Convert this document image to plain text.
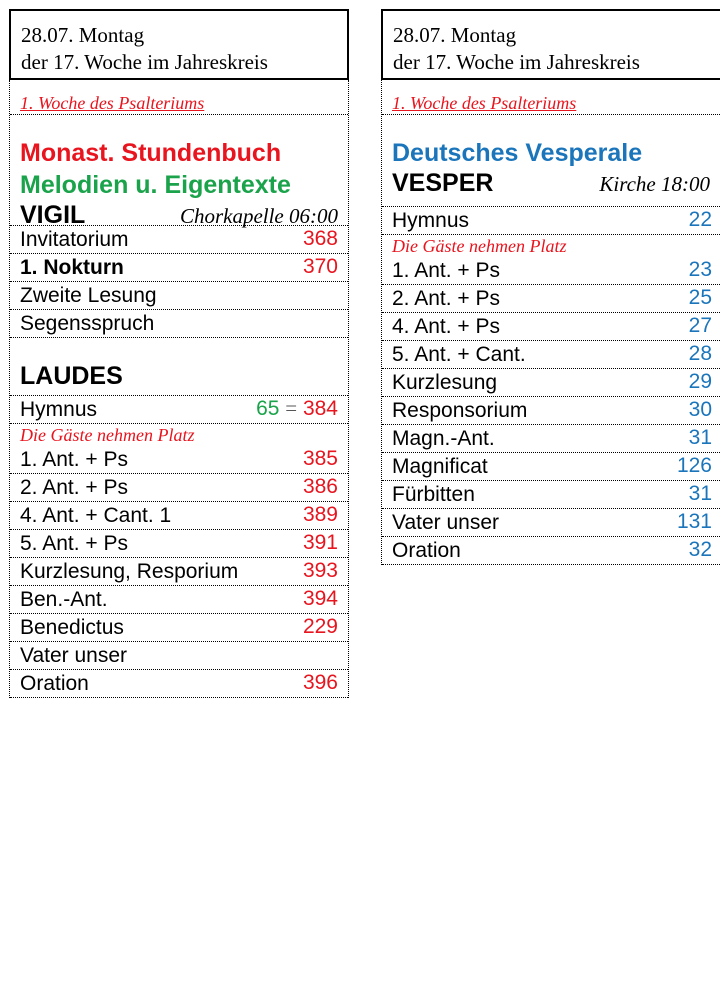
28.07. Montag
der 17. Woche im Jahreskreis
1. Woche des Psalteriums
Monast. Stundenbuch
Melodien u. Eigentexte
VIGIL	Chorkapelle 06:00
Invitatorium	368
1. Nokturn	370
Zweite Lesung
Segensspruch
LAUDES
Hymnus	65 = 384
Die Gäste nehmen Platz
1. Ant. + Ps	385
2. Ant. + Ps	386
4. Ant. + Cant. 1	389
5. Ant. + Ps	391
Kurzlesung, Resporium	393
Ben.-Ant.	394
Benedictus	229
Vater unser
Oration	396
28.07. Montag
der 17. Woche im Jahreskreis
1. Woche des Psalteriums
Deutsches Vesperale
VESPER	Kirche 18:00
Hymnus	22
Die Gäste nehmen Platz
1. Ant. + Ps	23
2. Ant. + Ps	25
4. Ant. + Ps	27
5. Ant. + Cant.	28
Kurzlesung	29
Responsorium	30
Magn.-Ant.	31
Magnificat	126
Fürbitten	31
Vater unser	131
Oration	32
